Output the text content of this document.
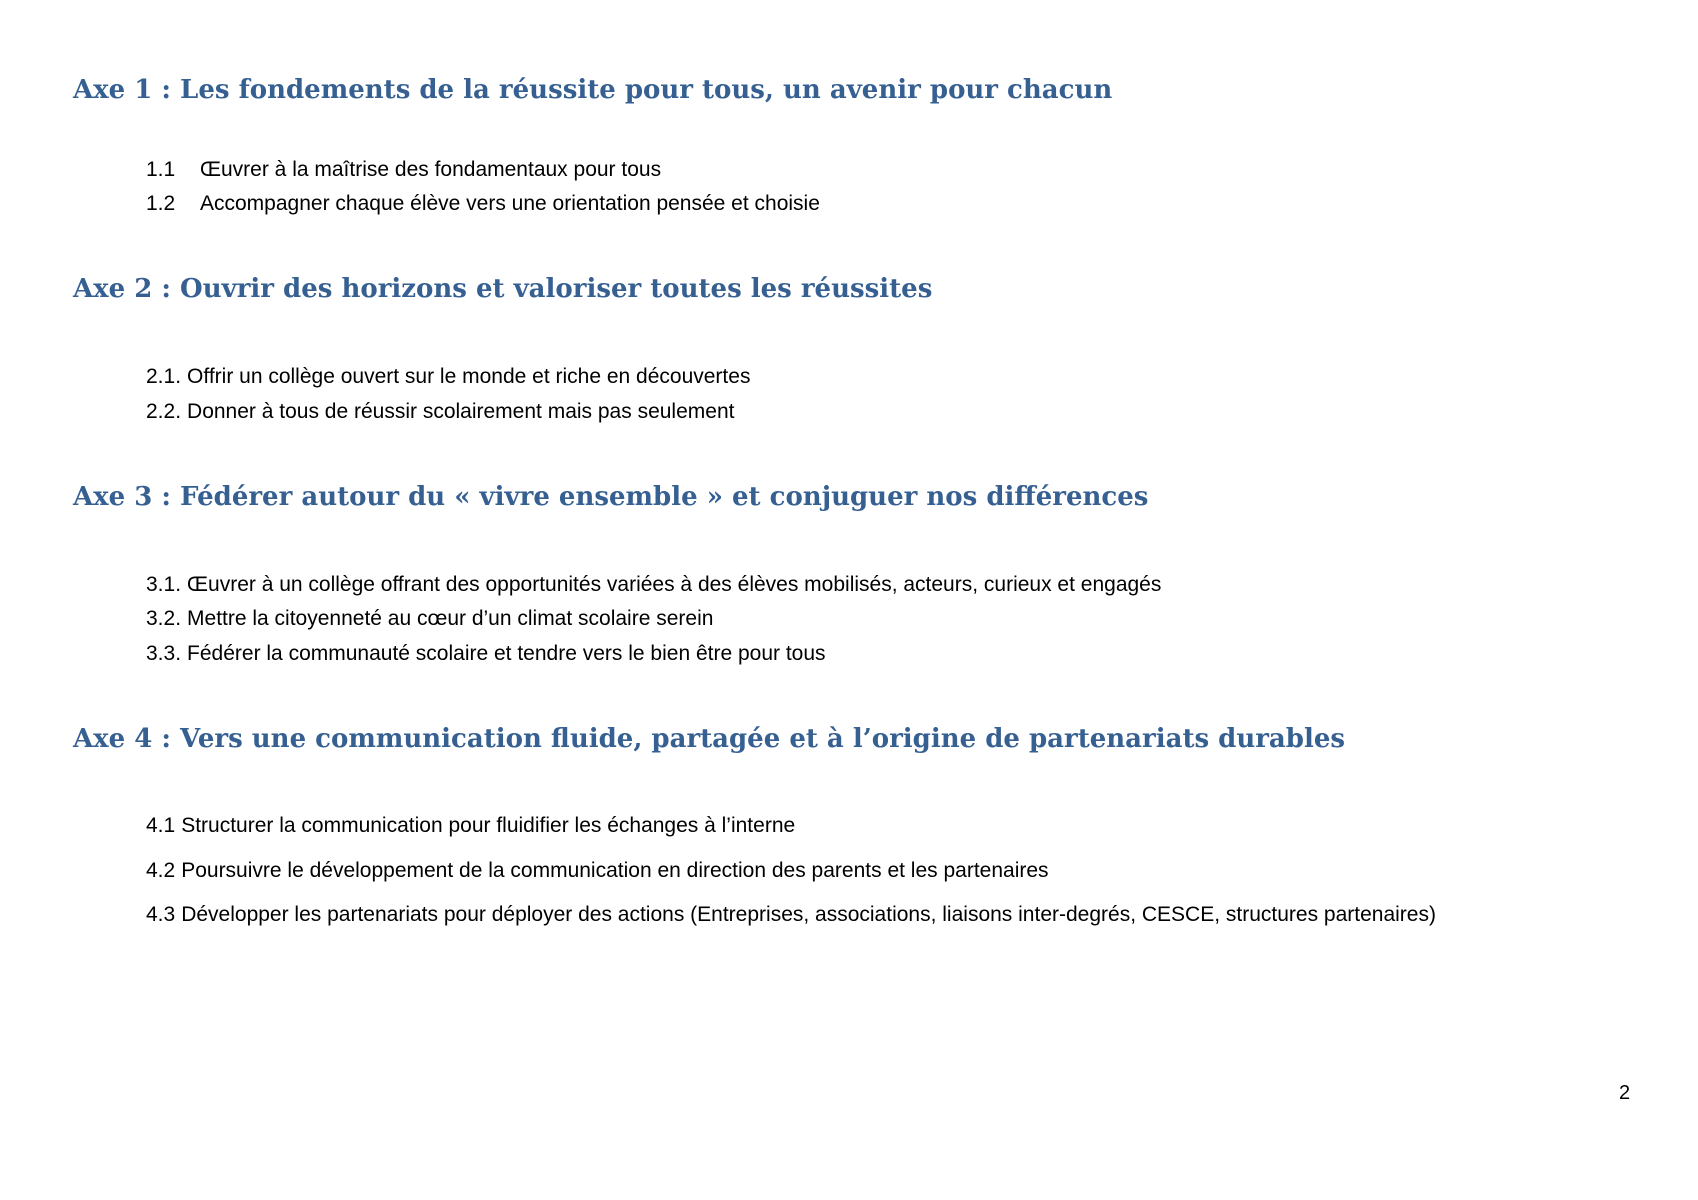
Axe 1 : Les fondements de la réussite pour tous, un avenir pour chacun

1.1 Œuvrer à la maîtrise des fondamentaux pour tous

1.2 Accompagner chaque élève vers une orientation pensée et choisie

Axe 2 : Ouvrir des horizons et valoriser toutes les réussites

2.1. Offrir un collège ouvert sur le monde et riche en découvertes

2.2. Donner à tous de réussir scolairement mais pas seulement

Axe 3 : Fédérer autour du « vivre ensemble » et conjuguer nos différences

3.1. Œuvrer à un collège offrant des opportunités variées à des élèves mobilisés, acteurs, curieux et engagés

3.2. Mettre la citoyenneté au cœur d’un climat scolaire serein

3.3. Fédérer la communauté scolaire et tendre vers le bien être pour tous

Axe 4 : Vers une communication fluide, partagée et à l’origine de partenariats durables

4.1 Structurer la communication pour fluidifier les échanges à l’interne

4.2 Poursuivre le développement de la communication en direction des parents et les partenaires

4.3 Développer les partenariats pour déployer des actions (Entreprises, associations, liaisons inter-degrés, CESCE, structures partenaires)

2
